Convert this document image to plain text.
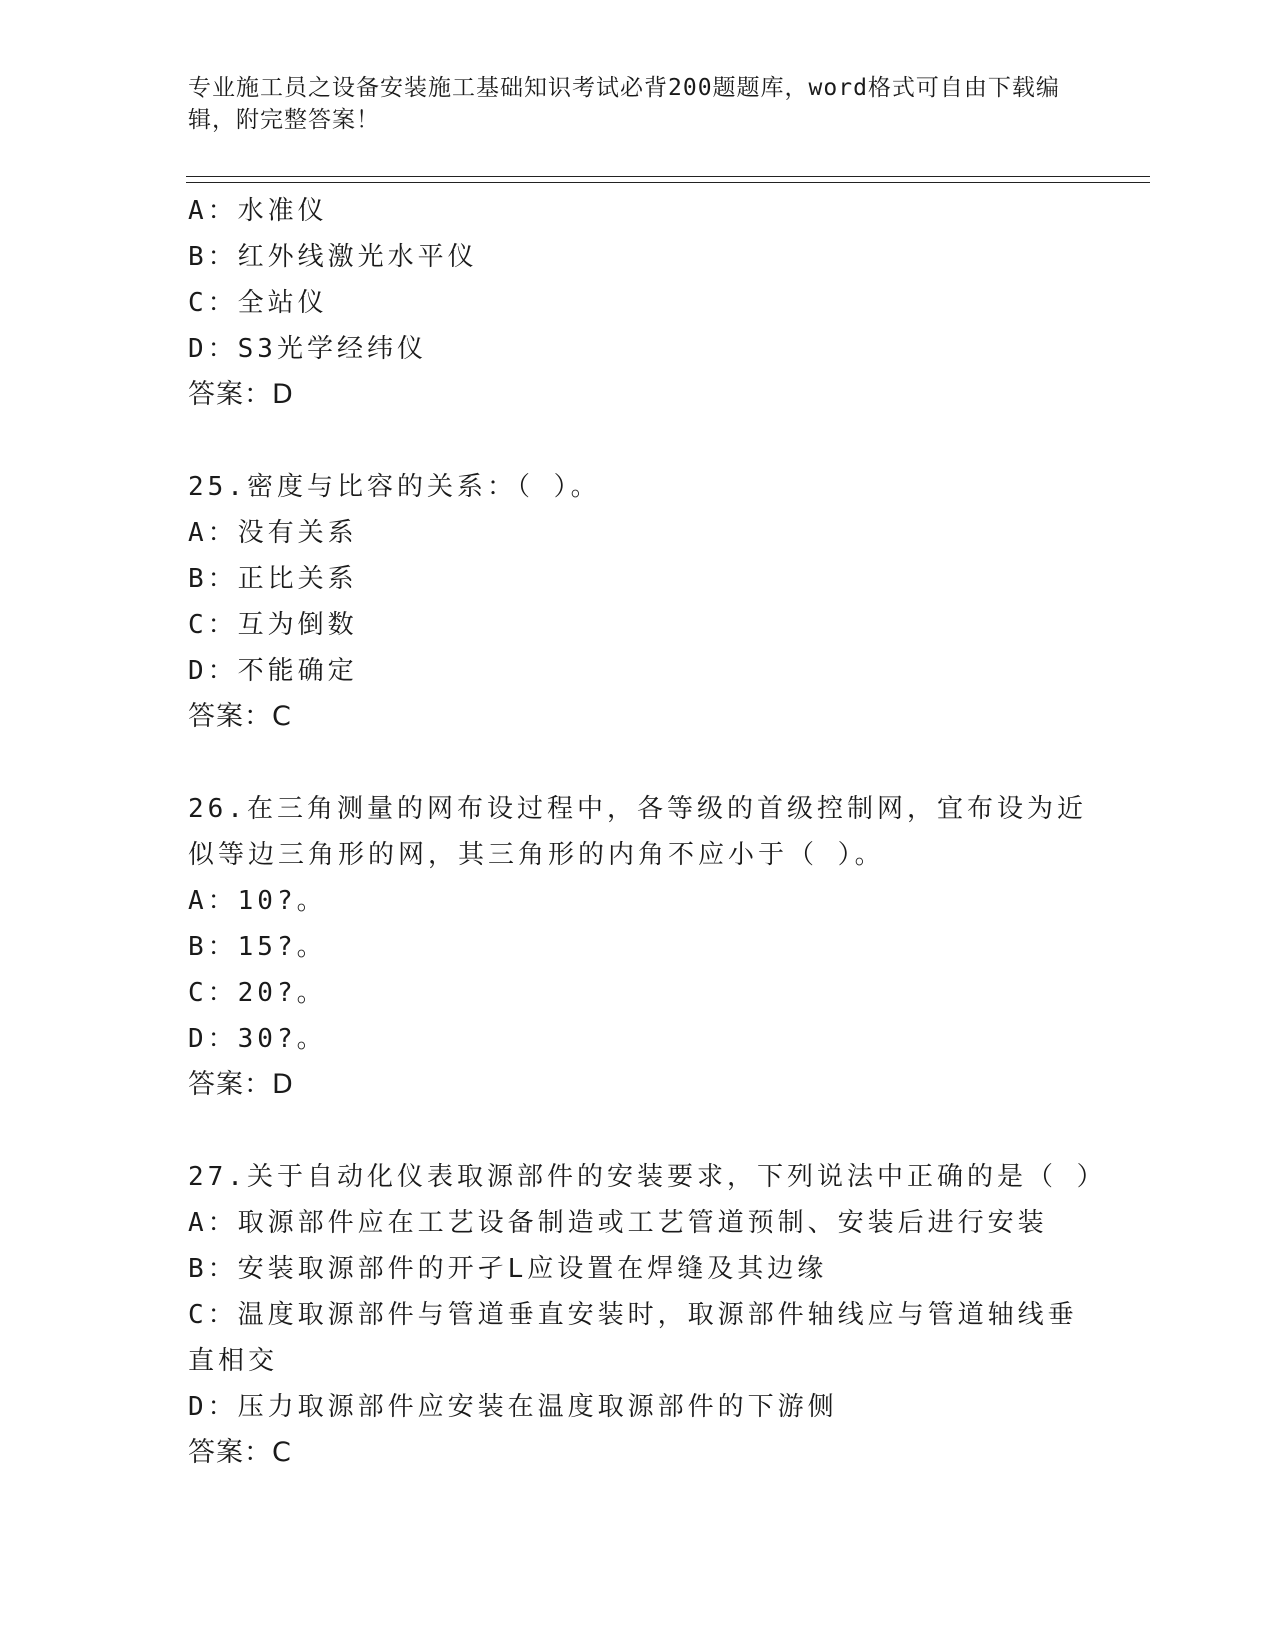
专业施工员之设备安装施工基础知识考试必背200题题库，word格式可自由下载编辑，附完整答案！
A：水准仪
B：红外线激光水平仪
C：全站仪
D：S3光学经纬仪
答案：D
25.密度与比容的关系：（ ）。
A：没有关系
B：正比关系
C：互为倒数
D：不能确定
答案：C
26.在三角测量的网布设过程中，各等级的首级控制网，宜布设为近似等边三角形的网，其三角形的内角不应小于（ ）。
A：10?。
B：15?。
C：20?。
D：30?。
答案：D
27.关于自动化仪表取源部件的安装要求，下列说法中正确的是（ ）
A：取源部件应在工艺设备制造或工艺管道预制、安装后进行安装
B：安装取源部件的开孑L应设置在焊缝及其边缘
C：温度取源部件与管道垂直安装时，取源部件轴线应与管道轴线垂直相交
D：压力取源部件应安装在温度取源部件的下游侧
答案：C
